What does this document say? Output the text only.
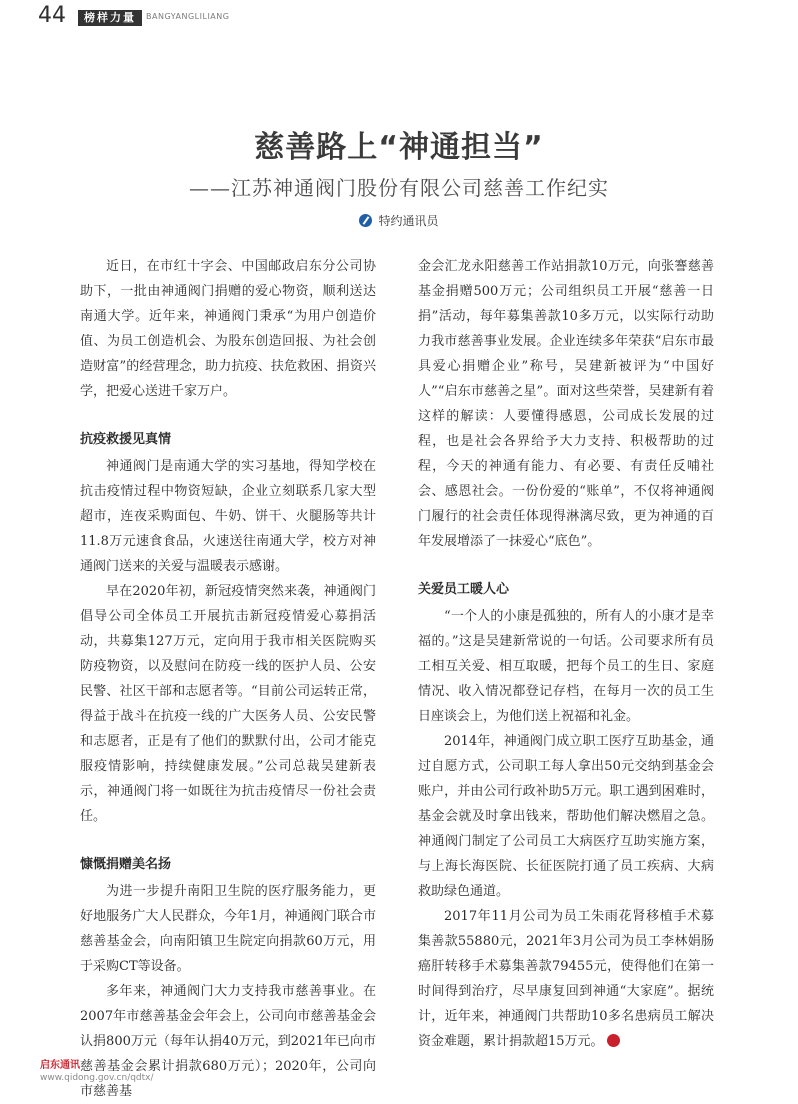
44	榜样力量	BANGYANGLILIANG
慈善路上“神通担当”
——江苏神通阀门股份有限公司慈善工作纪实
特约通讯员

近日，在市红十字会、中国邮政启东分公司协助下，一批由神通阀门捐赠的爱心物资，顺利送达南通大学。近年来，神通阀门秉承“为用户创造价值、为员工创造机会、为股东创造回报、为社会创造财富”的经营理念，助力抗疫、扶危救困、捐资兴学，把爱心送进千家万户。

抗疫救援见真情

神通阀门是南通大学的实习基地，得知学校在抗击疫情过程中物资短缺，企业立刻联系几家大型超市，连夜采购面包、牛奶、饼干、火腿肠等共计11.8万元速食食品，火速送往南通大学，校方对神通阀门送来的关爱与温暖表示感谢。

早在2020年初，新冠疫情突然来袭，神通阀门倡导公司全体员工开展抗击新冠疫情爱心募捐活动，共募集127万元，定向用于我市相关医院购买防疫物资，以及慰问在防疫一线的医护人员、公安民警、社区干部和志愿者等。“目前公司运转正常，得益于战斗在抗疫一线的广大医务人员、公安民警和志愿者，正是有了他们的默默付出，公司才能克服疫情影响，持续健康发展。”公司总裁吴建新表示，神通阀门将一如既往为抗击疫情尽一份社会责任。

慷慨捐赠美名扬

为进一步提升南阳卫生院的医疗服务能力，更好地服务广大人民群众，今年1月，神通阀门联合市慈善基金会，向南阳镇卫生院定向捐款60万元，用于采购CT等设备。

多年来，神通阀门大力支持我市慈善事业。在2007年市慈善基金会年会上，公司向市慈善基金会认捐800万元（每年认捐40万元，到2021年已向市慈善基金会累计捐款680万元）；2020年，公司向市慈善基

金会汇龙永阳慈善工作站捐款10万元，向张謇慈善基金捐赠500万元；公司组织员工开展“慈善一日捐”活动，每年募集善款10多万元，以实际行动助力我市慈善事业发展。企业连续多年荣获“启东市最具爱心捐赠企业”称号，吴建新被评为“中国好人”“启东市慈善之星”。面对这些荣誉，吴建新有着这样的解读：人要懂得感恩，公司成长发展的过程，也是社会各界给予大力支持、积极帮助的过程，今天的神通有能力、有必要、有责任反哺社会、感恩社会。一份份爱的“账单”，不仅将神通阀门履行的社会责任体现得淋漓尽致，更为神通的百年发展增添了一抹爱心“底色”。

关爱员工暖人心

“一个人的小康是孤独的，所有人的小康才是幸福的。”这是吴建新常说的一句话。公司要求所有员工相互关爱、相互取暖，把每个员工的生日、家庭情况、收入情况都登记存档，在每月一次的员工生日座谈会上，为他们送上祝福和礼金。

2014年，神通阀门成立职工医疗互助基金，通过自愿方式，公司职工每人拿出50元交纳到基金会账户，并由公司行政补助5万元。职工遇到困难时，基金会就及时拿出钱来，帮助他们解决燃眉之急。神通阀门制定了公司员工大病医疗互助实施方案，与上海长海医院、长征医院打通了员工疾病、大病救助绿色通道。

2017年11月公司为员工朱雨花肾移植手术募集善款55880元，2021年3月公司为员工李林娟肠癌肝转移手术募集善款79455元，使得他们在第一时间得到治疗，尽早康复回到神通“大家庭”。据统计，近年来，神通阀门共帮助10多名患病员工解决资金难题，累计捐款超15万元。

启东通讯
www.qidong.gov.cn/qdtx/
